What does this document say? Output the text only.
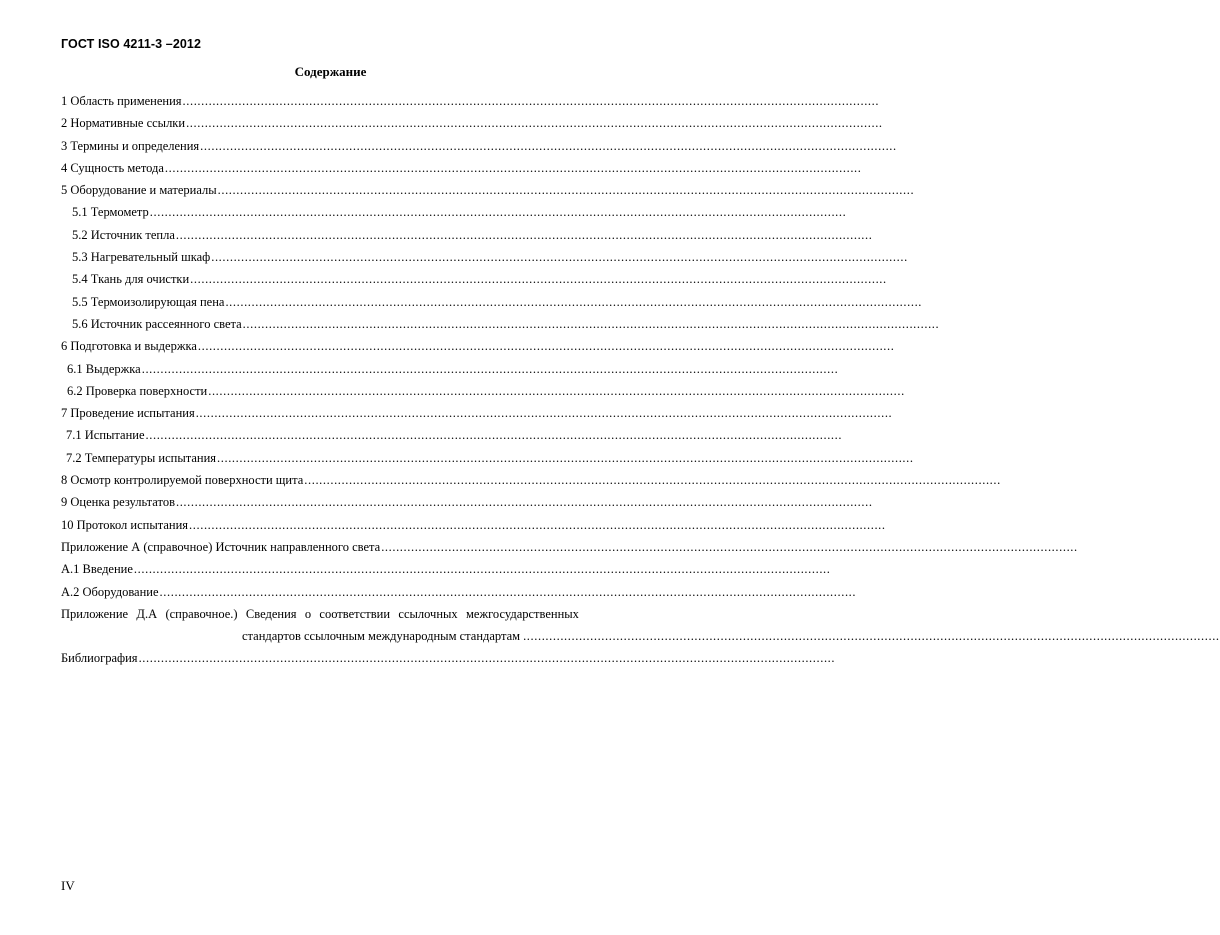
ГОСТ ISO 4211-3 –2012
Содержание
1 Область применения ...........................................................................................................................................................................................
2 Нормативные ссылки ...........................................................................................................................................................................................
3 Термины и определения ...........................................................................................................................................................................................
4 Сущность метода ...........................................................................................................................................................................................
5 Оборудование и материалы ...........................................................................................................................................................................................
5.1 Термометр ...........................................................................................................................................................................................
5.2 Источник тепла ...........................................................................................................................................................................................
5.3 Нагревательный шкаф ...........................................................................................................................................................................................
5.4 Ткань для очистки ...........................................................................................................................................................................................
5.5 Термоизолирующая пена ...........................................................................................................................................................................................
5.6 Источник рассеянного света ...........................................................................................................................................................................................
6 Подготовка и выдержка ...........................................................................................................................................................................................
6.1 Выдержка ...........................................................................................................................................................................................
6.2 Проверка поверхности ...........................................................................................................................................................................................
7 Проведение испытания ...........................................................................................................................................................................................
7.1 Испытание ...........................................................................................................................................................................................
7.2 Температуры испытания ...........................................................................................................................................................................................
8 Осмотр контролируемой поверхности щита ...........................................................................................................................................................................................
9 Оценка результатов ...........................................................................................................................................................................................
10 Протокол испытания ...........................................................................................................................................................................................
Приложение А (справочное) Источник направленного света ...........................................................................................................................................................................................
А.1 Введение ...........................................................................................................................................................................................
А.2 Оборудование ...........................................................................................................................................................................................
Приложение Д.А (справочное.) Сведения о соответствии ссылочных межгосударственных
стандартов ссылочным международным стандартам ...........................................................................................................................................................................................
Библиография ...........................................................................................................................................................................................
IV
